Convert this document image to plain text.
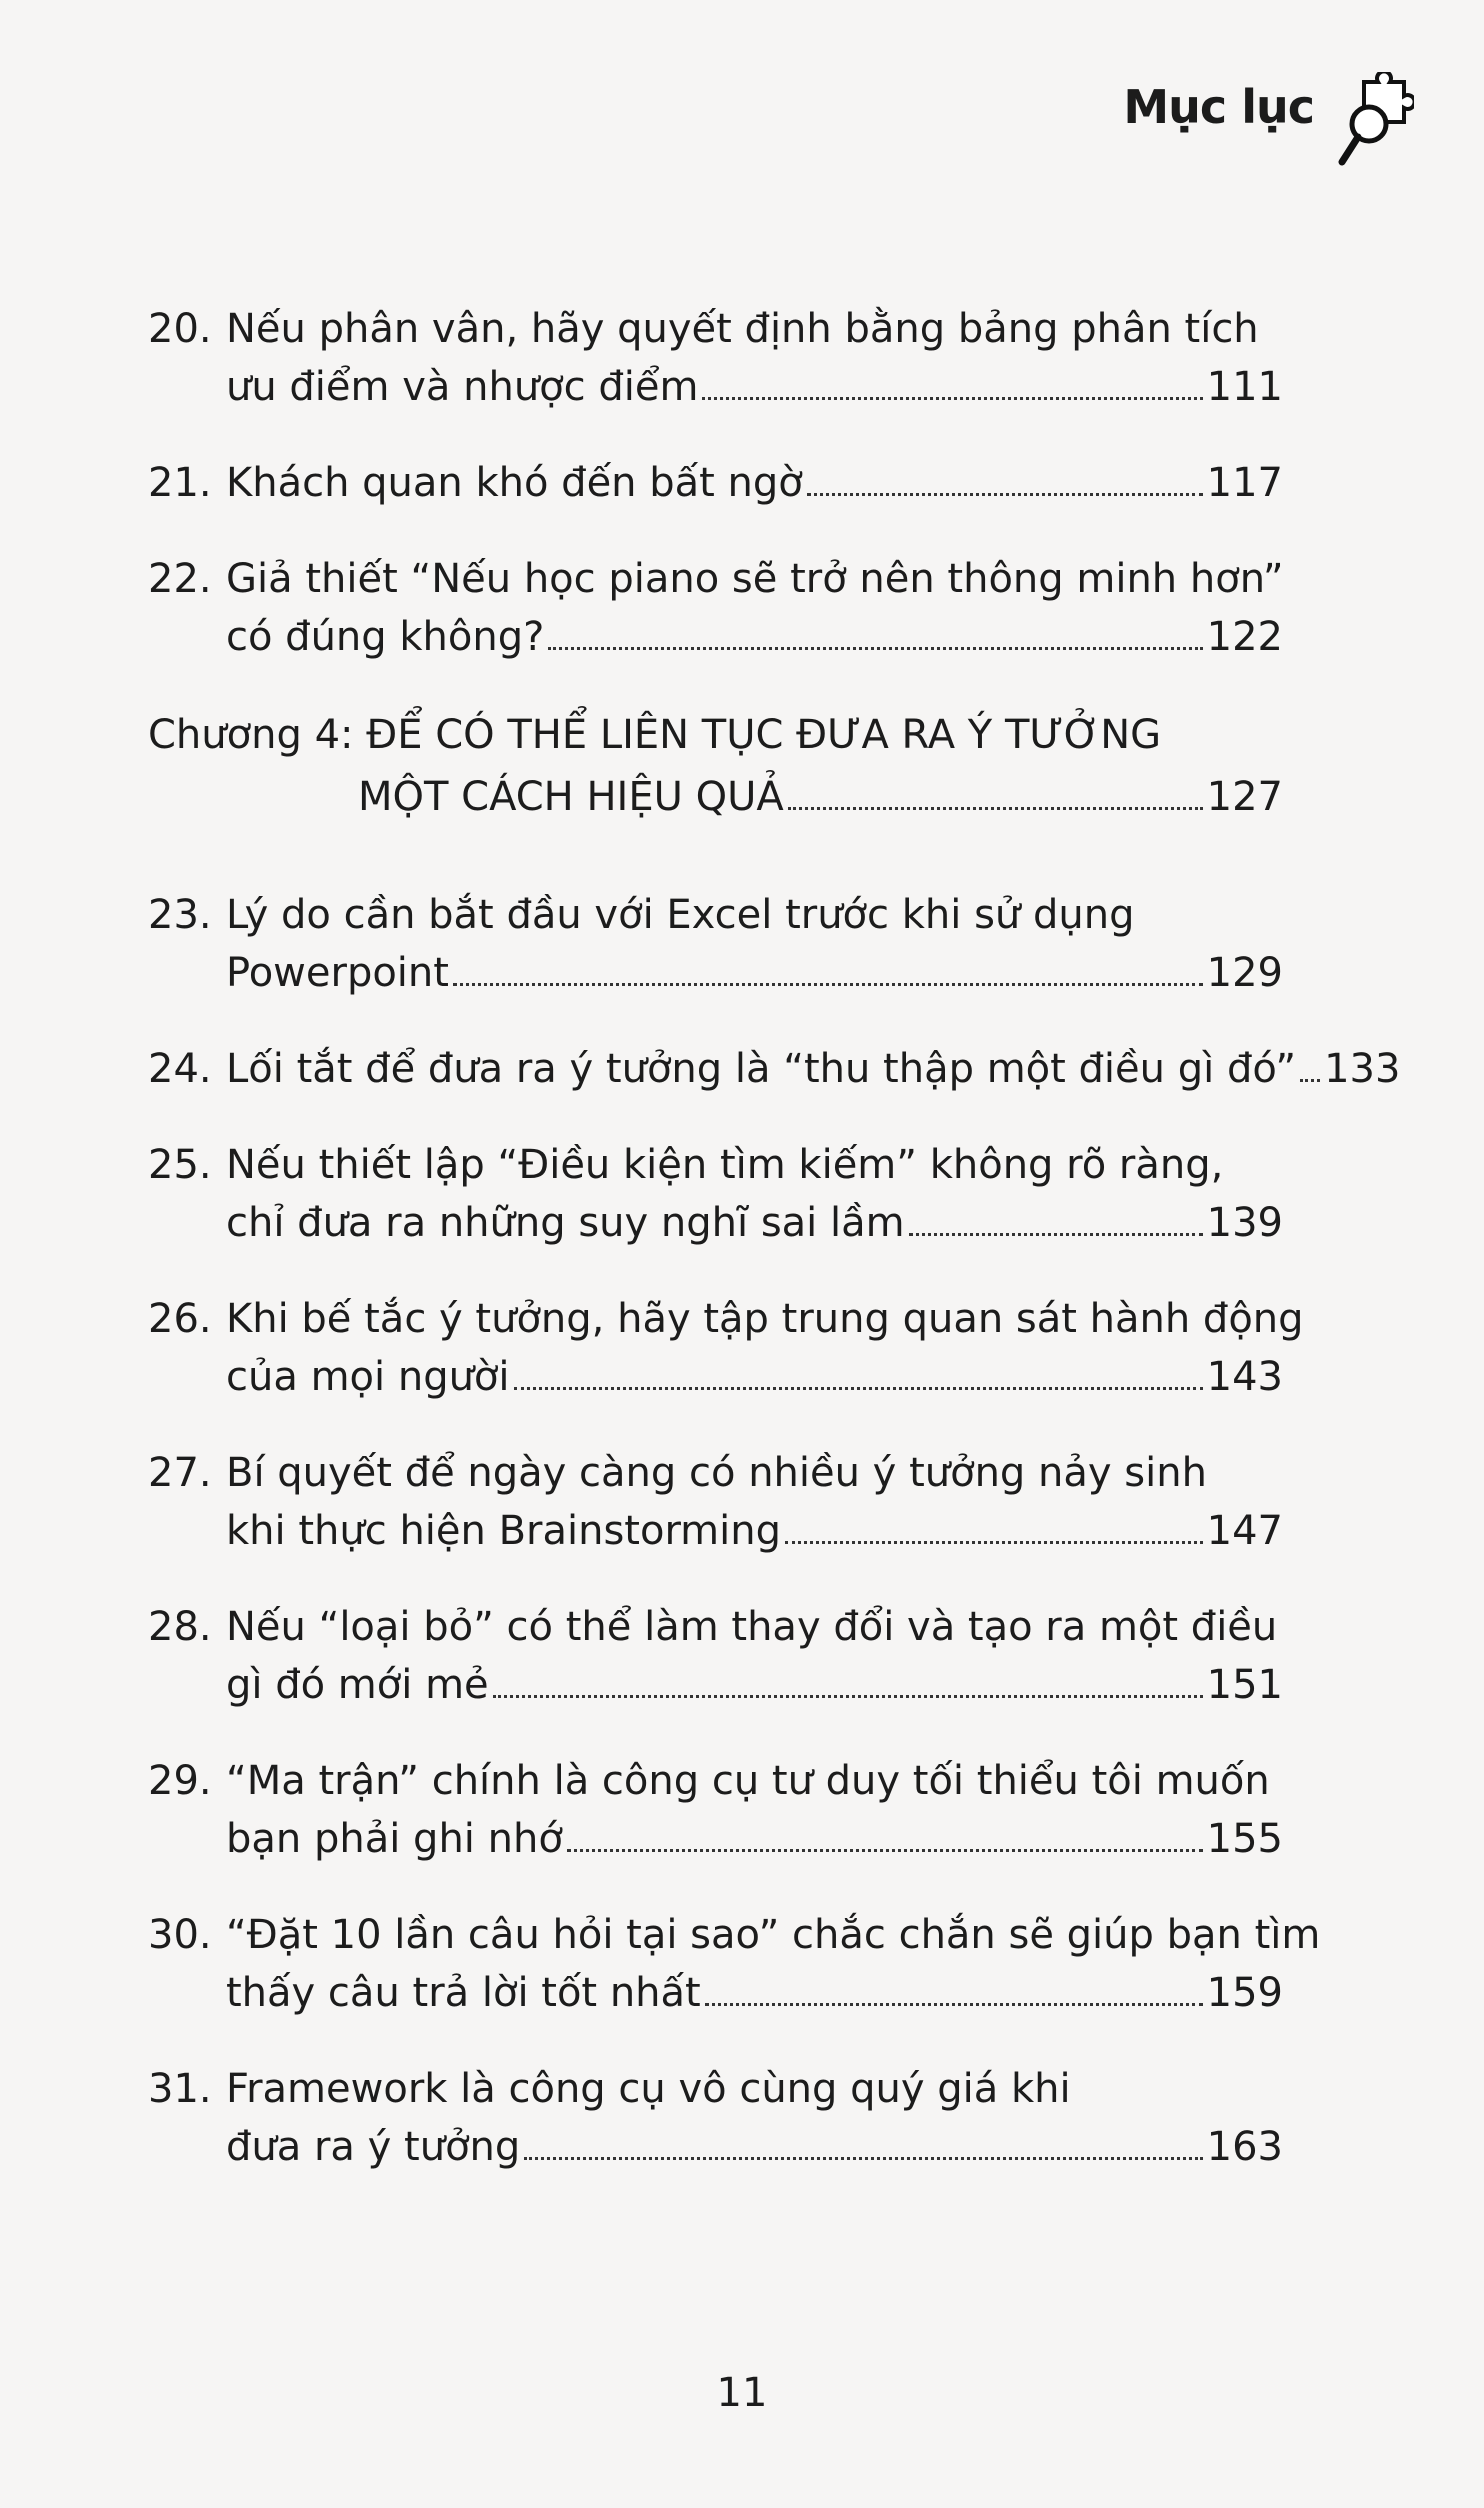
Mục lục
20. Nếu phân vân, hãy quyết định bằng bảng phân tích
ưu điểm và nhược điểm	111
21. Khách quan khó đến bất ngờ	117
22. Giả thiết “Nếu học piano sẽ trở nên thông minh hơn”
có đúng không?	122
Chương 4: ĐỂ CÓ THỂ LIÊN TỤC ĐƯA RA Ý TƯỞNG
MỘT CÁCH HIỆU QUẢ	127
23. Lý do cần bắt đầu với Excel trước khi sử dụng
Powerpoint	129
24. Lối tắt để đưa ra ý tưởng là “thu thập một điều gì đó” 133
25. Nếu thiết lập “Điều kiện tìm kiếm” không rõ ràng,
chỉ đưa ra những suy nghĩ sai lầm	139
26. Khi bế tắc ý tưởng, hãy tập trung quan sát hành động
của mọi người	143
27. Bí quyết để ngày càng có nhiều ý tưởng nảy sinh
khi thực hiện Brainstorming	147
28. Nếu “loại bỏ” có thể làm thay đổi và tạo ra một điều
gì đó mới mẻ	151
29. “Ma trận” chính là công cụ tư duy tối thiểu tôi muốn
bạn phải ghi nhớ	155
30. “Đặt 10 lần câu hỏi tại sao” chắc chắn sẽ giúp bạn tìm
thấy câu trả lời tốt nhất	159
31. Framework là công cụ vô cùng quý giá khi
đưa ra ý tưởng	163
11
